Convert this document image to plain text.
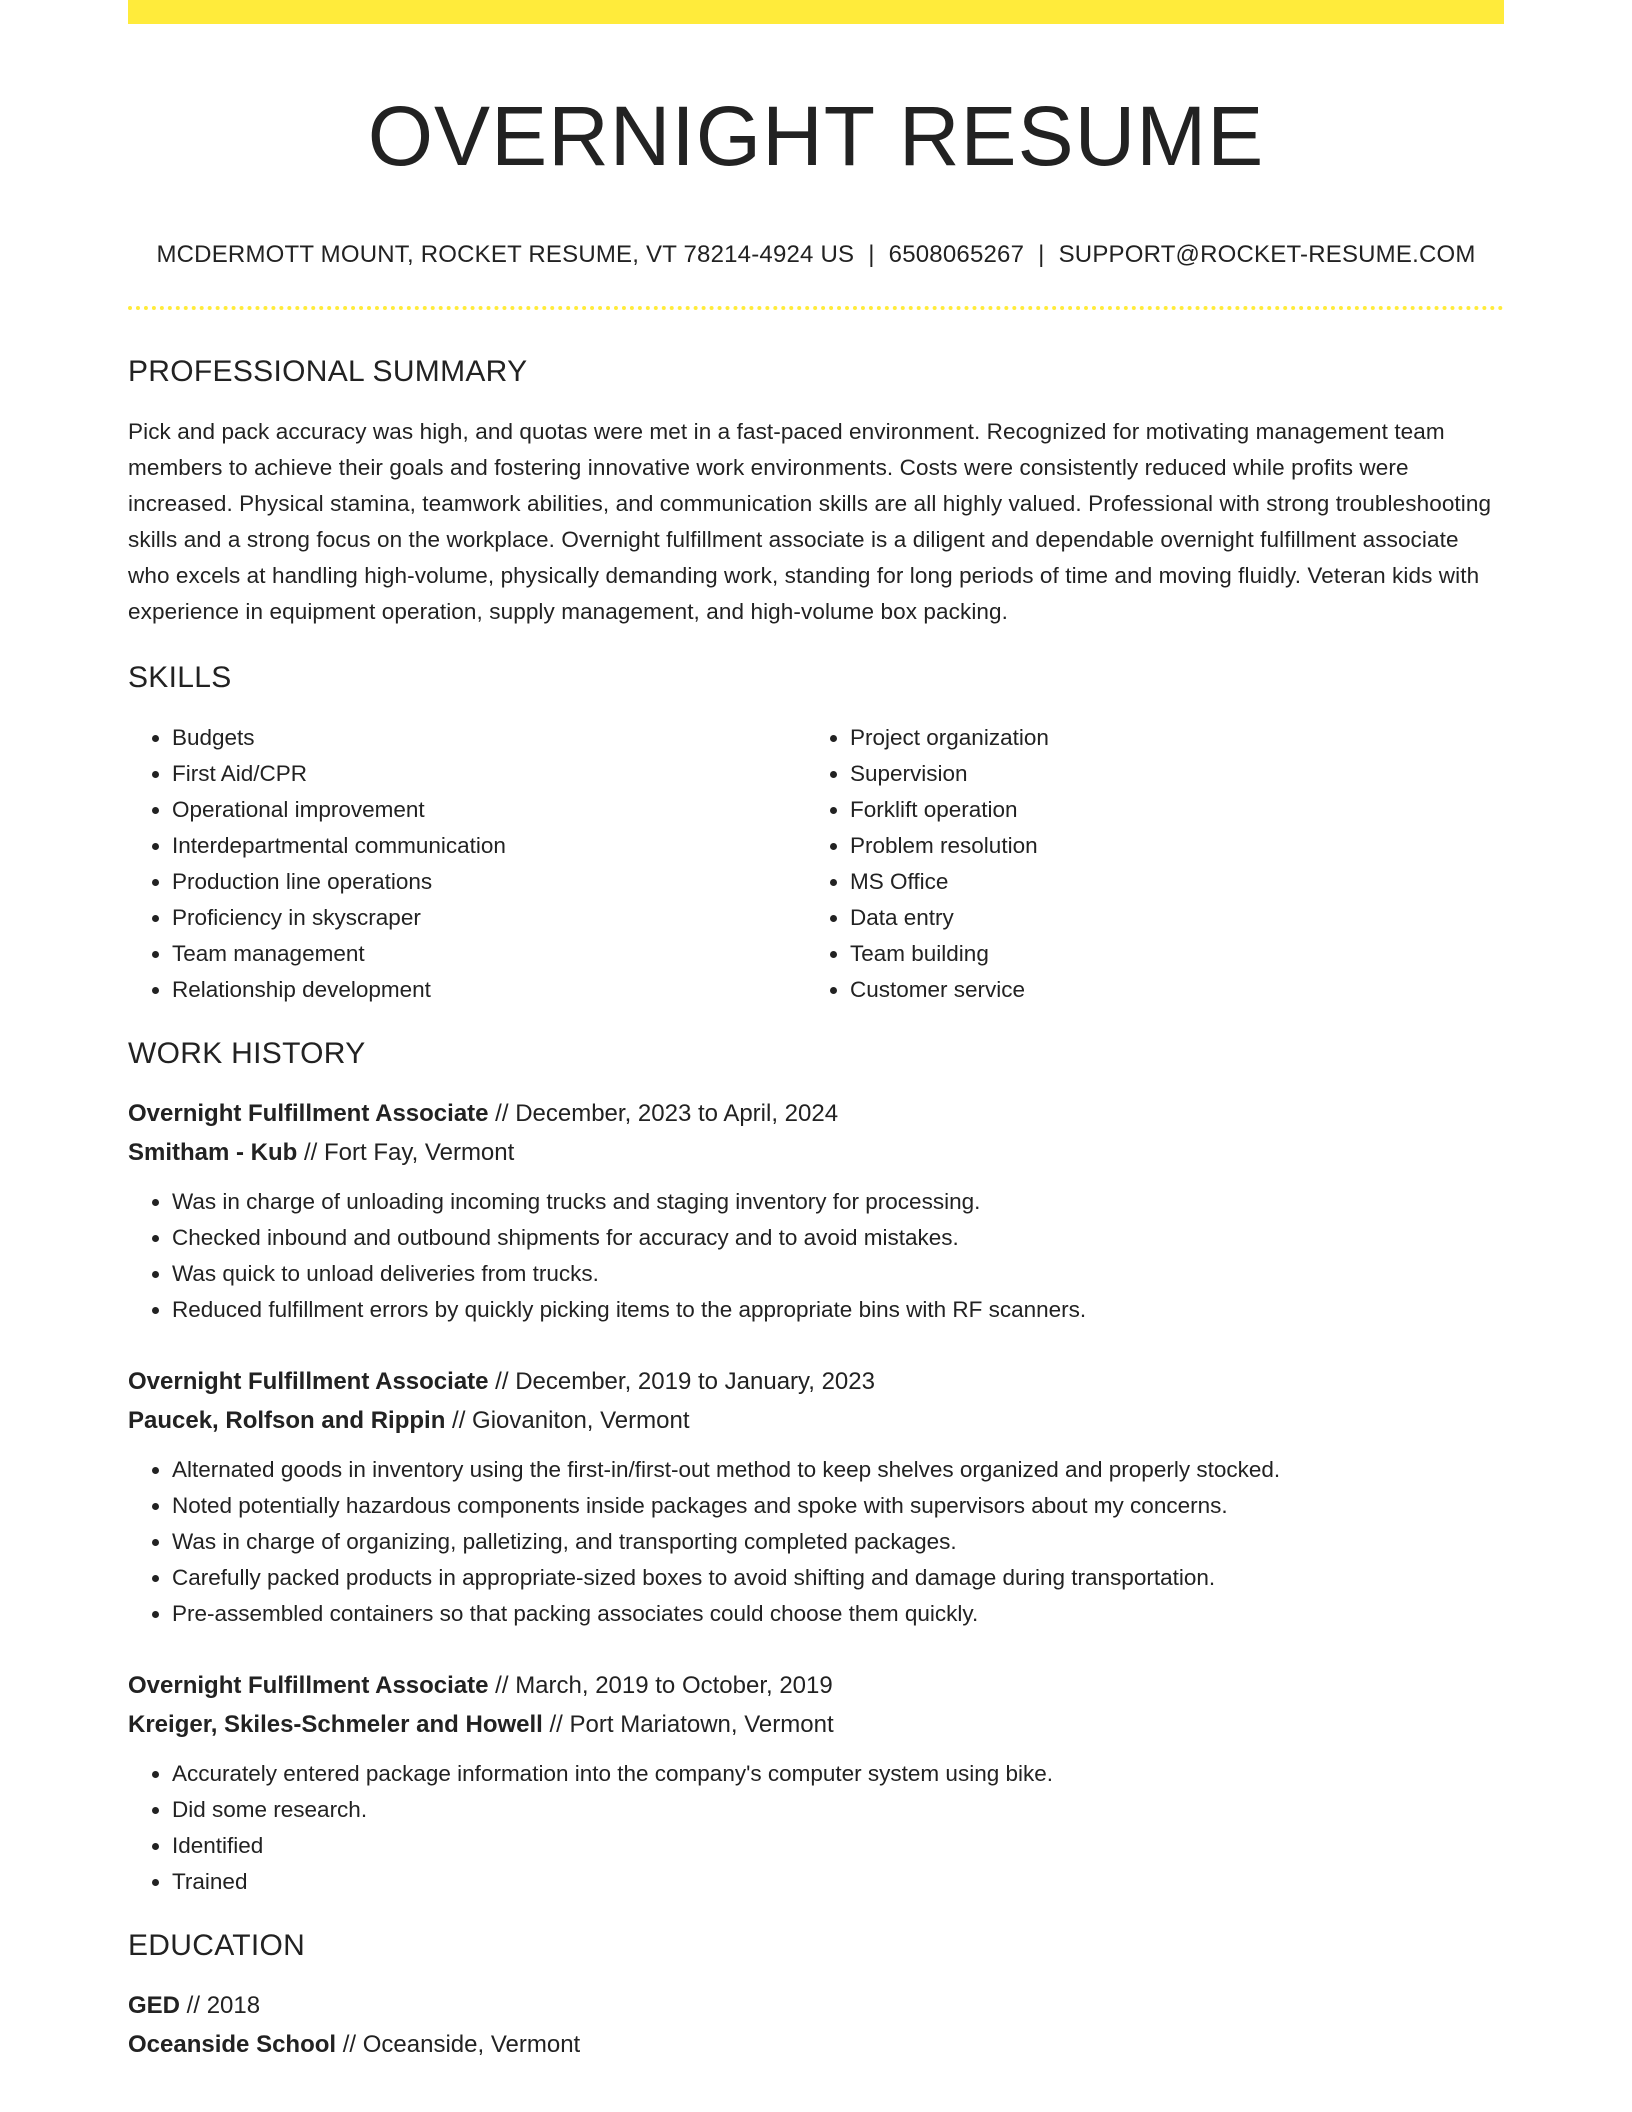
OVERNIGHT RESUME
MCDERMOTT MOUNT, ROCKET RESUME, VT 78214-4924 US | 6508065267 | SUPPORT@ROCKET-RESUME.COM
PROFESSIONAL SUMMARY

Pick and pack accuracy was high, and quotas were met in a fast-paced environment. Recognized for motivating management team members to achieve their goals and fostering innovative work environments. Costs were consistently reduced while profits were increased. Physical stamina, teamwork abilities, and communication skills are all highly valued. Professional with strong troubleshooting skills and a strong focus on the workplace. Overnight fulfillment associate is a diligent and dependable overnight fulfillment associate who excels at handling high-volume, physically demanding work, standing for long periods of time and moving fluidly. Veteran kids with experience in equipment operation, supply management, and high-volume box packing.

SKILLS
• Budgets
• First Aid/CPR
• Operational improvement
• Interdepartmental communication
• Production line operations
• Proficiency in skyscraper
• Team management
• Relationship development
• Project organization
• Supervision
• Forklift operation
• Problem resolution
• MS Office
• Data entry
• Team building
• Customer service
WORK HISTORY
Overnight Fulfillment Associate // December, 2023 to April, 2024
Smitham - Kub // Fort Fay, Vermont
• Was in charge of unloading incoming trucks and staging inventory for processing.
• Checked inbound and outbound shipments for accuracy and to avoid mistakes.
• Was quick to unload deliveries from trucks.
• Reduced fulfillment errors by quickly picking items to the appropriate bins with RF scanners.
Overnight Fulfillment Associate // December, 2019 to January, 2023
Paucek, Rolfson and Rippin // Giovaniton, Vermont
• Alternated goods in inventory using the first-in/first-out method to keep shelves organized and properly stocked.
• Noted potentially hazardous components inside packages and spoke with supervisors about my concerns.
• Was in charge of organizing, palletizing, and transporting completed packages.
• Carefully packed products in appropriate-sized boxes to avoid shifting and damage during transportation.
• Pre-assembled containers so that packing associates could choose them quickly.
Overnight Fulfillment Associate // March, 2019 to October, 2019
Kreiger, Skiles-Schmeler and Howell // Port Mariatown, Vermont
• Accurately entered package information into the company's computer system using bike.
• Did some research.
• Identified
• Trained
EDUCATION
GED // 2018
Oceanside School // Oceanside, Vermont
